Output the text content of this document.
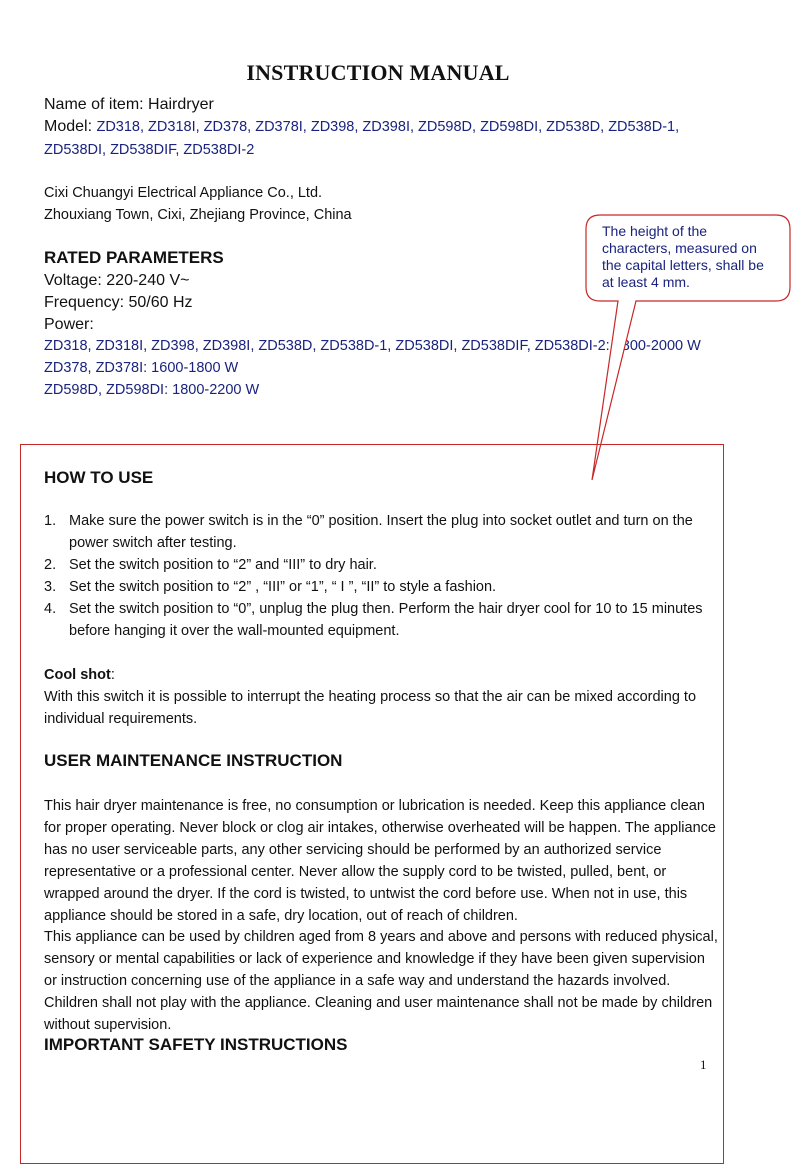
INSTRUCTION MANUAL
Name of item: Hairdryer
Model: ZD318, ZD318I, ZD378, ZD378I, ZD398, ZD398I, ZD598D, ZD598DI, ZD538D, ZD538D-1,
ZD538DI, ZD538DIF, ZD538DI-2
Cixi Chuangyi Electrical Appliance Co., Ltd.
Zhouxiang Town, Cixi, Zhejiang Province, China
RATED PARAMETERS
Voltage: 220-240 V~
Frequency: 50/60 Hz
Power:
ZD318, ZD318I, ZD398, ZD398I, ZD538D, ZD538D-1, ZD538DI, ZD538DIF, ZD538DI-2: 1800-2000 W
ZD378, ZD378I: 1600-1800 W
ZD598D, ZD598DI: 1800-2200 W
The height of the characters, measured on the capital letters, shall be at least 4 mm.
HOW TO USE
1. Make sure the power switch is in the “0” position. Insert the plug into socket outlet and turn on the power switch after testing.
2. Set the switch position to “2” and “III” to dry hair.
3. Set the switch position to “2” , “III” or “1”, “ I ”, “II” to style a fashion.
4. Set the switch position to “0”, unplug the plug then. Perform the hair dryer cool for 10 to 15 minutes before hanging it over the wall-mounted equipment.
Cool shot:
With this switch it is possible to interrupt the heating process so that the air can be mixed according to individual requirements.
USER MAINTENANCE INSTRUCTION
This hair dryer maintenance is free, no consumption or lubrication is needed. Keep this appliance clean for proper operating. Never block or clog air intakes, otherwise overheated will be happen. The appliance has no user serviceable parts, any other servicing should be performed by an authorized service representative or a professional center. Never allow the supply cord to be twisted, pulled, bent, or wrapped around the dryer. If the cord is twisted, to untwist the cord before use. When not in use, this appliance should be stored in a safe, dry location, out of reach of children.
This appliance can be used by children aged from 8 years and above and persons with reduced physical, sensory or mental capabilities or lack of experience and knowledge if they have been given supervision or instruction concerning use of the appliance in a safe way and understand the hazards involved. Children shall not play with the appliance. Cleaning and user maintenance shall not be made by children without supervision.
IMPORTANT SAFETY INSTRUCTIONS
1
